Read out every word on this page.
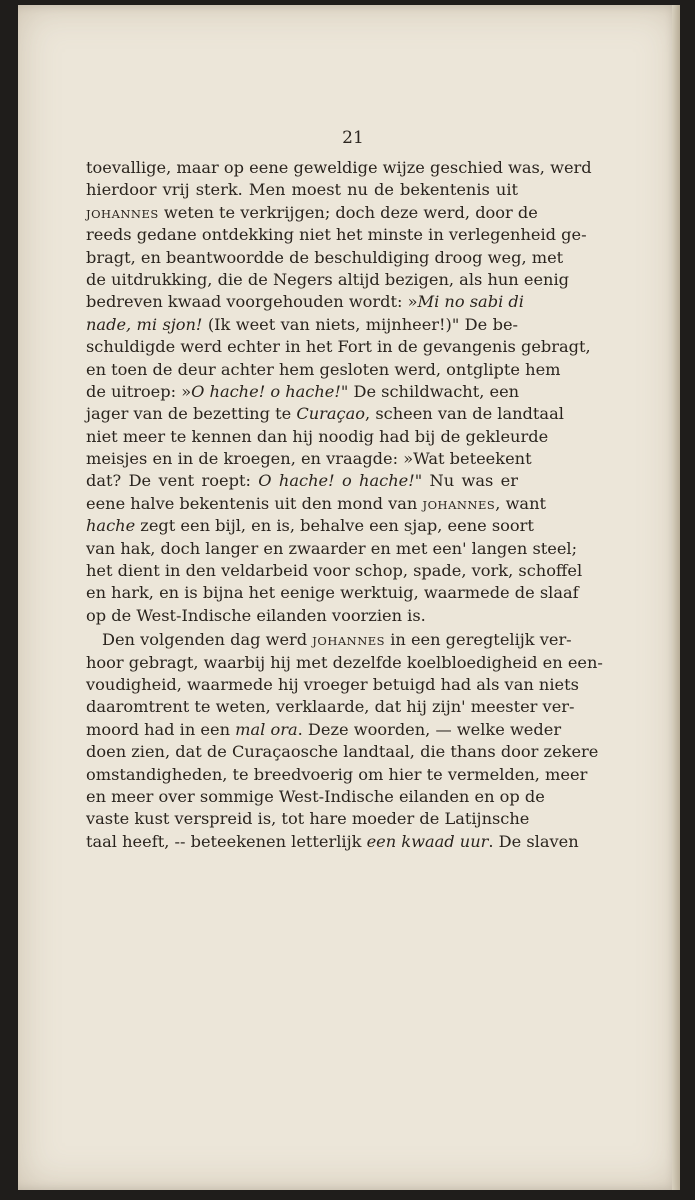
21
toevallige, maar op eene geweldige wijze geschied was, werd
hierdoor vrij sterk. Men moest nu de bekentenis uit
JOHANNES weten te verkrijgen; doch deze werd, door de
reeds gedane ontdekking niet het minste in verlegenheid ge-
bragt, en beantwoordde de beschuldiging droog weg, met
de uitdrukking, die de Negers altijd bezigen, als hun eenig
bedreven kwaad voorgehouden wordt: »Mi no sabi di
nade, mi sjon! (Ik weet van niets, mijnheer!)" De be-
schuldigde werd echter in het Fort in de gevangenis gebragt,
en toen de deur achter hem gesloten werd, ontglipte hem
de uitroep: »O hache! o hache!" De schildwacht, een
jager van de bezetting te Curaçao, scheen van de landtaal
niet meer te kennen dan hij noodig had bij de gekleurde
meisjes en in de kroegen, en vraagde: »Wat beteekent
dat? De vent roept: O hache! o hache!" Nu was er
eene halve bekentenis uit den mond van JOHANNES, want
hache zegt een bijl, en is, behalve een sjap, eene soort
van hak, doch langer en zwaarder en met een' langen steel;
het dient in den veldarbeid voor schop, spade, vork, schoffel
en hark, en is bijna het eenige werktuig, waarmede de slaaf
op de West-Indische eilanden voorzien is.
Den volgenden dag werd JOHANNES in een geregtelijk ver-
hoor gebragt, waarbij hij met dezelfde koelbloedigheid en een-
voudigheid, waarmede hij vroeger betuigd had als van niets
daaromtrent te weten, verklaarde, dat hij zijn' meester ver-
moord had in een mal ora. Deze woorden, — welke weder
doen zien, dat de Curaçaosche landtaal, die thans door zekere
omstandigheden, te breedvoerig om hier te vermelden, meer
en meer over sommige West-Indische eilanden en op de
vaste kust verspreid is, tot hare moeder de Latijnsche
taal heeft, -- beteekenen letterlijk een kwaad uur. De slaven
